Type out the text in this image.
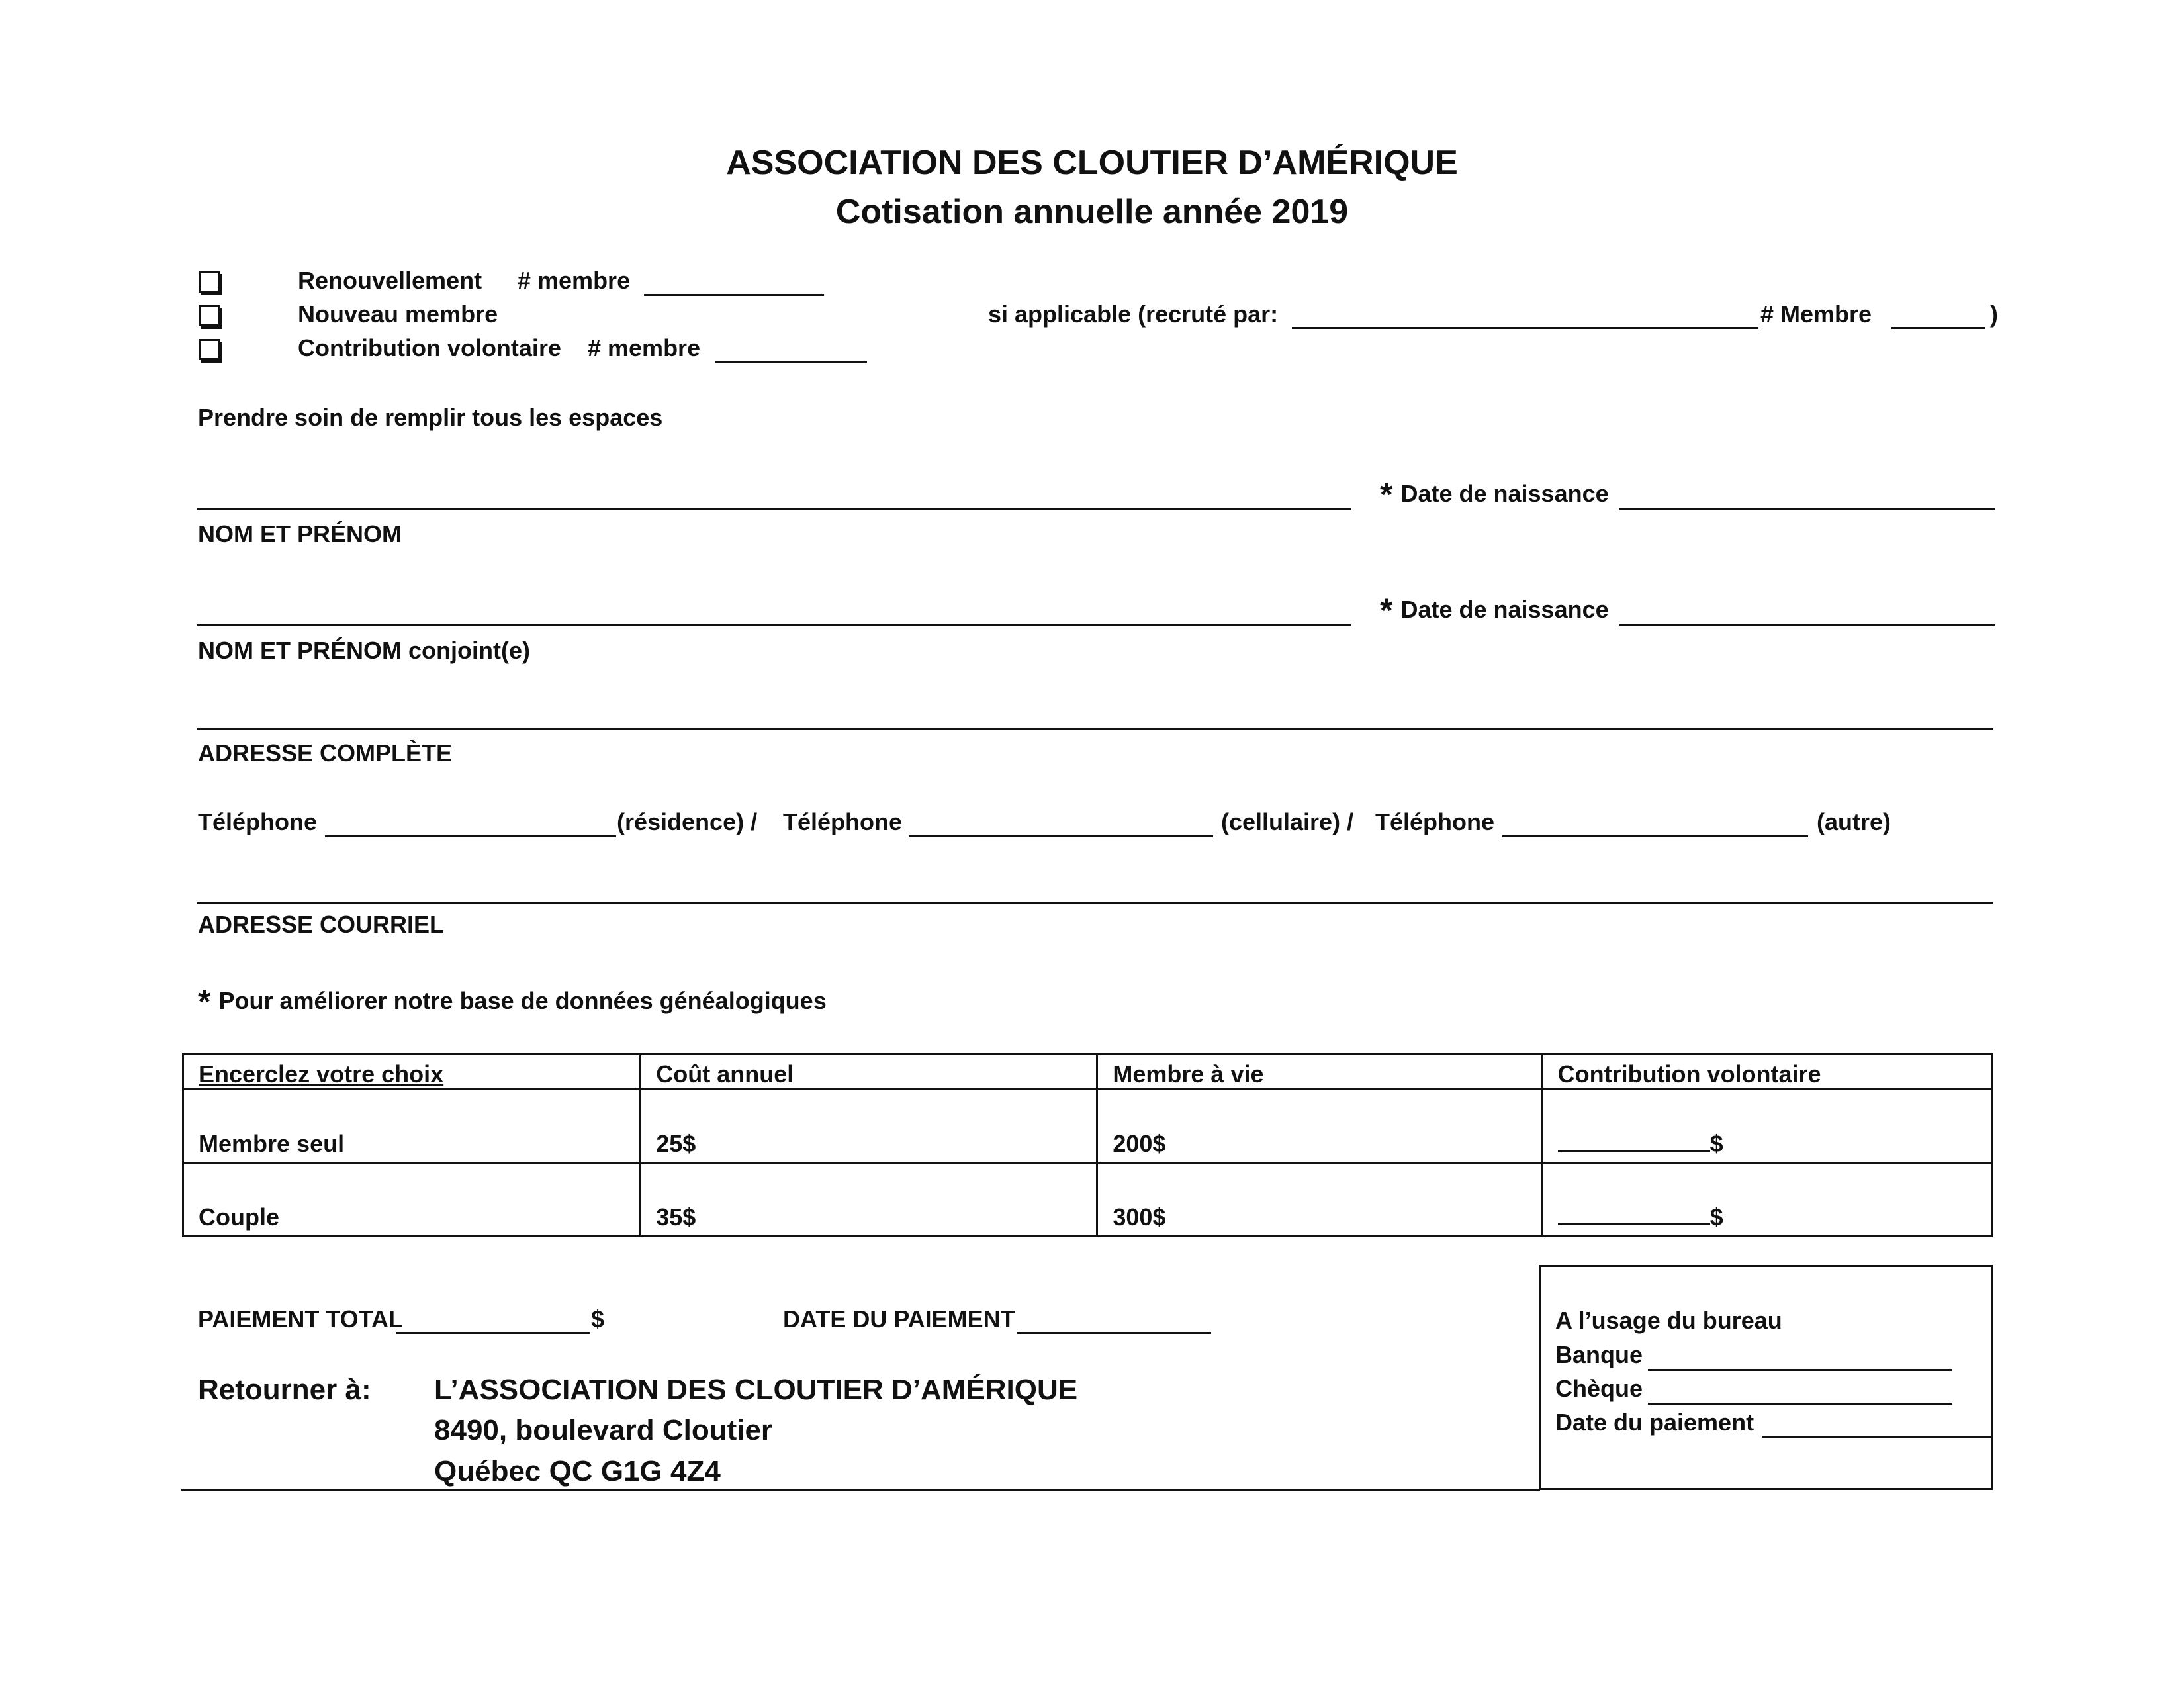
ASSOCIATION DES CLOUTIER D’AMÉRIQUE
Cotisation annuelle année 2019
Renouvellement # membre
Nouveau membre
Contribution volontaire # membre
si applicable (recruté par:	# Membre	)
Prendre soin de remplir tous les espaces
* Date de naissance
NOM ET PRÉNOM
* Date de naissance
NOM ET PRÉNOM conjoint(e)
ADRESSE COMPLÈTE
Téléphone	(résidence) / Téléphone	(cellulaire) / Téléphone	(autre)
ADRESSE COURRIEL
* Pour améliorer notre base de données généalogiques
Encerclez votre choix	Coût annuel	Membre à vie	Contribution volontaire
Membre seul	25$	200$	$
Couple	35$	300$	$
PAIEMENT TOTAL	$	DATE DU PAIEMENT
Retourner à: L’ASSOCIATION DES CLOUTIER D’AMÉRIQUE
8490, boulevard Cloutier
Québec QC G1G 4Z4
A l’usage du bureau
Banque
Chèque
Date du paiement
